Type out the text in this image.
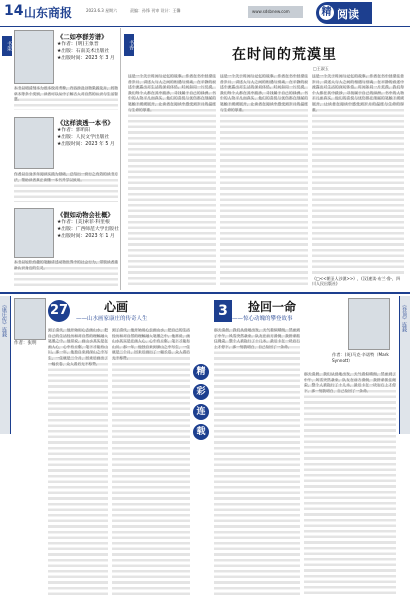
14 山东商报	2023.6.3 星期六	责编：孙锋 刊审 设计：王馨	www.sdsbnew.com	精 阅读
书架
《二如亭群芳谱》
★作者：(明)王象晋
★出版：石南美术出版社
★出版时间：2023 年 3 月
本书以明清刻本为底本校对考释，内容涉及谷物果蔬花卉，药物草木等多个类别，读者可以从中了解古人对自然的认识与生活智慧。
《这样读透一本书》
★作者：郭昕阳
★出版：人民文学出版社
★出版时间：2023 年 5 月
作者以自身多年阅读实践为基础，总结出一套行之有效的读书方法，帮助读者真正读懂一本书并学以致用。
《假如动物会社概》
★作者：(美)索菲·科里根
★出版：广西师范大学出版社
★出版时间：2023 年 1 月
本书以轻松有趣的笔触讲述动物世界中的社会行为，带领读者重新认识身边的生灵。
书香
在时间的荒漠里
□王淑玉
这是一个关于时间与记忆的故事。作者在书中回望往昔岁月，讲述人与人之间的相遇与别离，在平静的叙述中流露出对生活的深切体悟。时间如同一片荒漠，我们每个人都在其中跋涉，寻找属于自己的绿洲。书中的人物平凡而真实，他们的喜悦与忧伤都在细腻的笔触下缓缓展开，让读者在阅读中感受到岁月的温度与生命的厚重。
这是一个关于时间与记忆的故事。作者在书中回望往昔岁月，讲述人与人之间的相遇与别离，在平静的叙述中流露出对生活的深切体悟。时间如同一片荒漠，我们每个人都在其中跋涉，寻找属于自己的绿洲。书中的人物平凡而真实，他们的喜悦与忧伤都在细腻的笔触下缓缓展开，让读者在阅读中感受到岁月的温度与生命的厚重。
这是一个关于时间与记忆的故事。作者在书中回望往昔岁月，讲述人与人之间的相遇与别离，在平静的叙述中流露出对生活的深切体悟。时间如同一片荒漠，我们每个人都在其中跋涉，寻找属于自己的绿洲。书中的人物平凡而真实，他们的喜悦与忧伤都在细腻的笔触下缓缓展开，让读者在阅读中感受到岁月的温度与生命的厚重。
《□<<朝圣人沙漠>>》，(汉)速读·布兰·鲁·，四川人民出版社)
《康庄传》连载
作者：张明
27	心画
——山水画家康庄的传奇人生
到了清代，他开始用心去画山水，把自己的生活经历和对自然的理解融入笔墨之中。他常说，画山水其实是在画人心，心中有丘壑，笔下才能有山川。那一年，他独自来到深山之中写生，一住就是三个月，回来后画出了一幅长卷，众人看后无不称赞。
到了清代，他开始用心去画山水，把自己的生活经历和对自然的理解融入笔墨之中。他常说，画山水其实是在画人心，心中有丘壑，笔下才能有山川。那一年，他独自来到深山之中写生，一住就是三个月，回来后画出了一幅长卷，众人看后无不称赞。
精
彩
连
载
3	捡回一命
——惊心动魄的攀登故事
作者：(英)马克·辛诺特（Mark Synnott）
那天清晨，我们从营地出发，天气看似晴朗，然而到了中午，风雪突然袭来。队友在前方滑倒，我拼命抓住绳索，整个人被拖行了十几米，最后卡在一块岩石上才停下。那一刻我明白，自己捡回了一条命。
那天清晨，我们从营地出发，天气看似晴朗，然而到了中午，风雪突然袭来。队友在前方滑倒，我拼命抓住绳索，整个人被拖行了十几米，最后卡在一块岩石上才停下。那一刻我明白，自己捡回了一条命。
《登顶》连载
